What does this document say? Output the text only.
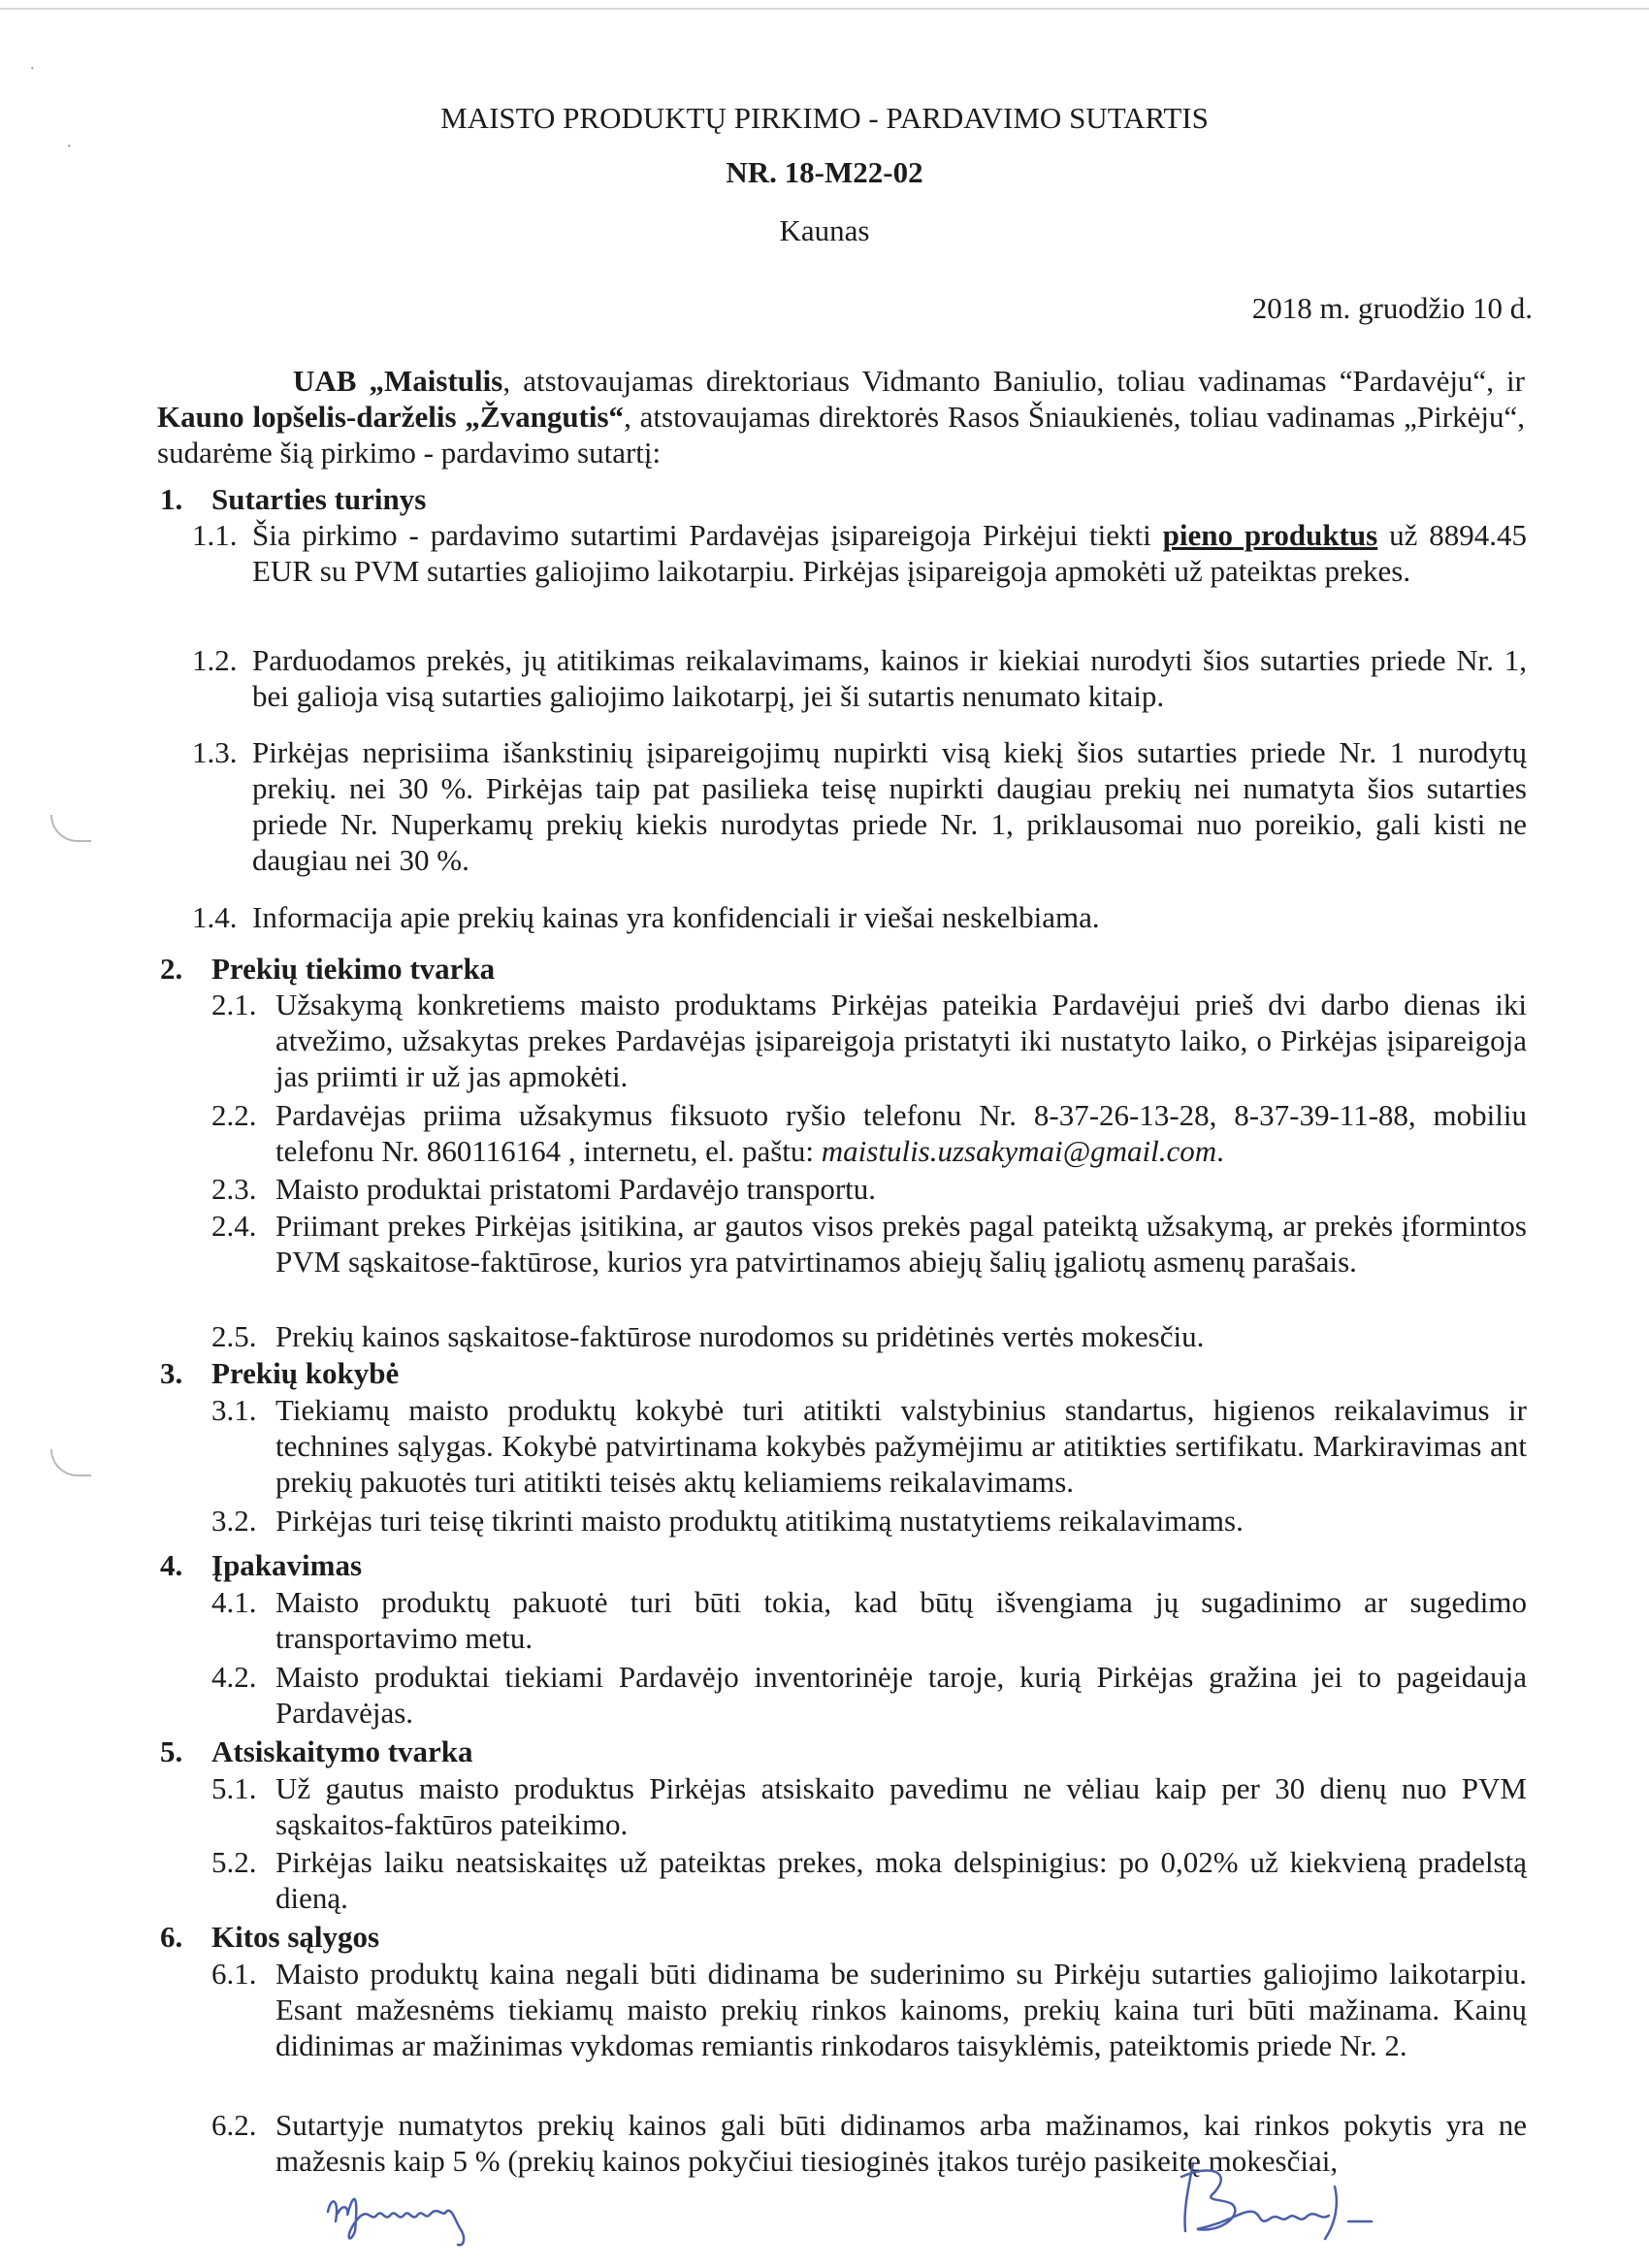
·
·
MAISTO PRODUKTŲ PIRKIMO - PARDAVIMO SUTARTIS
NR. 18-M22-02
Kaunas
2018 m. gruodžio 10 d.

UAB „Maistulis, atstovaujamas direktoriaus Vidmanto Baniulio, toliau vadinamas “Pardavėju“, ir Kauno lopšelis-darželis „Žvangutis“, atstovaujamas direktorės Rasos Šniaukienės, toliau vadinamas „Pirkėju“, sudarėme šią pirkimo - pardavimo sutartį:

1. Sutarties turinys
1.1. Šia pirkimo - pardavimo sutartimi Pardavėjas įsipareigoja Pirkėjui tiekti pieno produktus už 8894.45 EUR su PVM sutarties galiojimo laikotarpiu. Pirkėjas įsipareigoja apmokėti už pateiktas prekes.
1.2. Parduodamos prekės, jų atitikimas reikalavimams, kainos ir kiekiai nurodyti šios sutarties priede Nr. 1, bei galioja visą sutarties galiojimo laikotarpį, jei ši sutartis nenumato kitaip.
1.3. Pirkėjas neprisiima išankstinių įsipareigojimų nupirkti visą kiekį šios sutarties priede Nr. 1 nurodytų prekių. nei 30 %. Pirkėjas taip pat pasilieka teisę nupirkti daugiau prekių nei numatyta šios sutarties priede Nr. Nuperkamų prekių kiekis nurodytas priede Nr. 1, priklausomai nuo poreikio, gali kisti ne daugiau nei 30 %.
1.4. Informacija apie prekių kainas yra konfidenciali ir viešai neskelbiama.
2. Prekių tiekimo tvarka
2.1. Užsakymą konkretiems maisto produktams Pirkėjas pateikia Pardavėjui prieš dvi darbo dienas iki atvežimo, užsakytas prekes Pardavėjas įsipareigoja pristatyti iki nustatyto laiko, o Pirkėjas įsipareigoja jas priimti ir už jas apmokėti.
2.2. Pardavėjas priima užsakymus fiksuoto ryšio telefonu Nr. 8-37-26-13-28, 8-37-39-11-88, mobiliu telefonu Nr. 860116164 , internetu, el. paštu: maistulis.uzsakymai@gmail.com.
2.3. Maisto produktai pristatomi Pardavėjo transportu.
2.4. Priimant prekes Pirkėjas įsitikina, ar gautos visos prekės pagal pateiktą užsakymą, ar prekės įformintos PVM sąskaitose-faktūrose, kurios yra patvirtinamos abiejų šalių įgaliotų asmenų parašais.
2.5. Prekių kainos sąskaitose-faktūrose nurodomos su pridėtinės vertės mokesčiu.
3. Prekių kokybė
3.1. Tiekiamų maisto produktų kokybė turi atitikti valstybinius standartus, higienos reikalavimus ir technines sąlygas. Kokybė patvirtinama kokybės pažymėjimu ar atitikties sertifikatu. Markiravimas ant prekių pakuotės turi atitikti teisės aktų keliamiems reikalavimams.
3.2. Pirkėjas turi teisę tikrinti maisto produktų atitikimą nustatytiems reikalavimams.
4. Įpakavimas
4.1. Maisto produktų pakuotė turi būti tokia, kad būtų išvengiama jų sugadinimo ar sugedimo transportavimo metu.
4.2. Maisto produktai tiekiami Pardavėjo inventorinėje taroje, kurią Pirkėjas gražina jei to pageidauja Pardavėjas.
5. Atsiskaitymo tvarka
5.1. Už gautus maisto produktus Pirkėjas atsiskaito pavedimu ne vėliau kaip per 30 dienų nuo PVM sąskaitos-faktūros pateikimo.
5.2. Pirkėjas laiku neatsiskaitęs už pateiktas prekes, moka delspinigius: po 0,02% už kiekvieną pradelstą dieną.
6. Kitos sąlygos
6.1. Maisto produktų kaina negali būti didinama be suderinimo su Pirkėju sutarties galiojimo laikotarpiu. Esant mažesnėms tiekiamų maisto prekių rinkos kainoms, prekių kaina turi būti mažinama. Kainų didinimas ar mažinimas vykdomas remiantis rinkodaros taisyklėmis, pateiktomis priede Nr. 2.
6.2. Sutartyje numatytos prekių kainos gali būti didinamos arba mažinamos, kai rinkos pokytis yra ne mažesnis kaip 5 % (prekių kainos pokyčiui tiesioginės įtakos turėjo pasikeitę mokesčiai,
